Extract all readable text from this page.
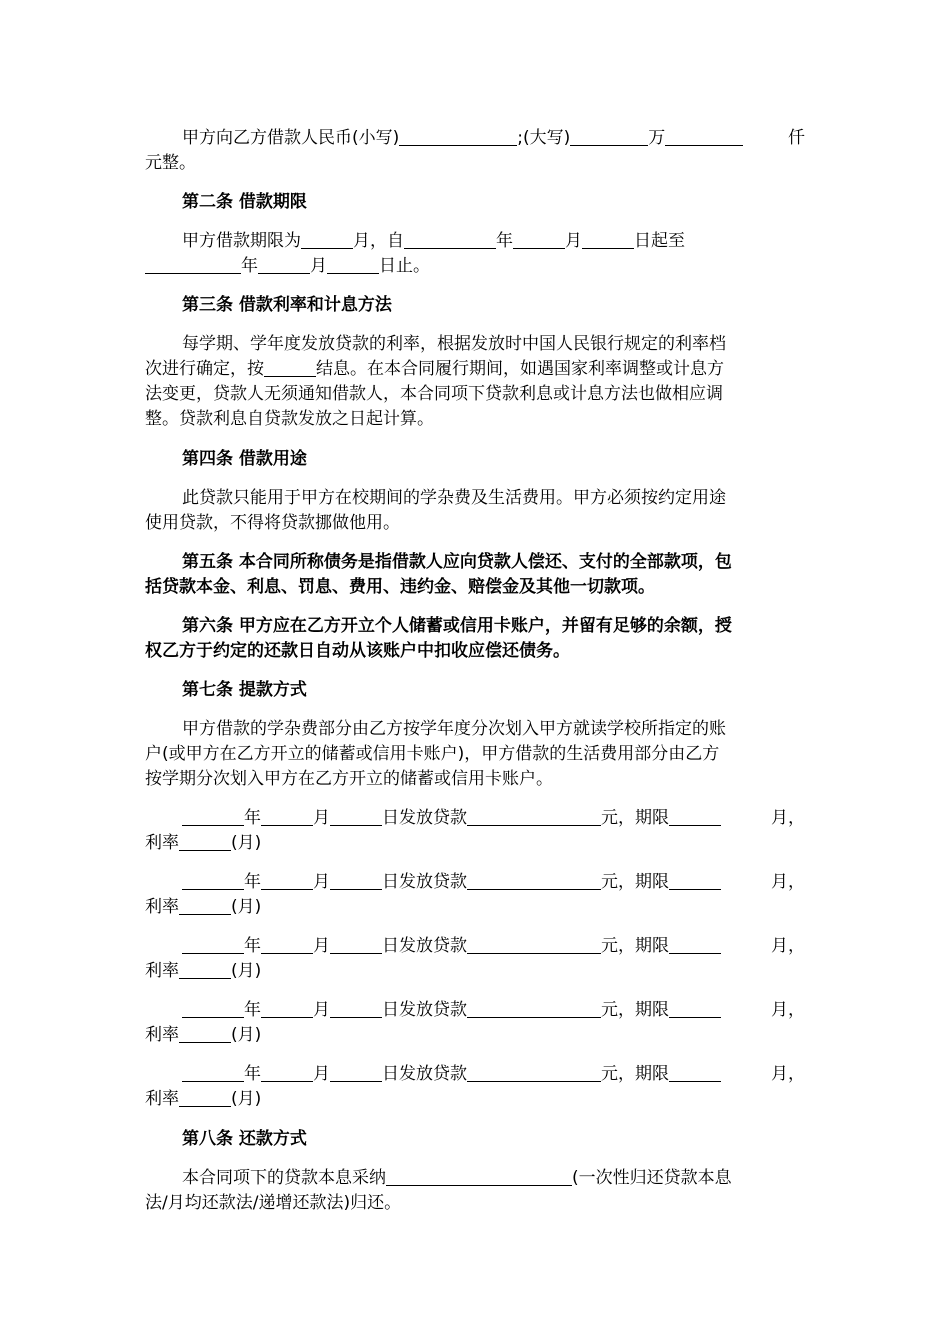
甲方向乙方借款人民币(小写)	;(大写)	万	仟
元整。
第二条 借款期限
甲方借款期限为	月，自	年	月	日起至
年	月	日止。
第三条 借款利率和计息方法
每学期、学年度发放贷款的利率，根据发放时中国人民银行规定的利率档
次进行确定，按	结息。在本合同履行期间，如遇国家利率调整或计息方
法变更，贷款人无须通知借款人，本合同项下贷款利息或计息方法也做相应调
整。贷款利息自贷款发放之日起计算。
第四条 借款用途
此贷款只能用于甲方在校期间的学杂费及生活费用。甲方必须按约定用途
使用贷款，不得将贷款挪做他用。
第五条 本合同所称债务是指借款人应向贷款人偿还、支付的全部款项，包
括贷款本金、利息、罚息、费用、违约金、赔偿金及其他一切款项。
第六条 甲方应在乙方开立个人储蓄或信用卡账户，并留有足够的余额，授
权乙方于约定的还款日自动从该账户中扣收应偿还债务。
第七条 提款方式
甲方借款的学杂费部分由乙方按学年度分次划入甲方就读学校所指定的账
户(或甲方在乙方开立的储蓄或信用卡账户)，甲方借款的生活费用部分由乙方
按学期分次划入甲方在乙方开立的储蓄或信用卡账户。
年	月	日发放贷款	元，期限	月，
利率	(月)
年	月	日发放贷款	元，期限	月，
利率	(月)
年	月	日发放贷款	元，期限	月，
利率	(月)
年	月	日发放贷款	元，期限	月，
利率	(月)
年	月	日发放贷款	元，期限	月，
利率	(月)
第八条 还款方式
本合同项下的贷款本息采纳	(一次性归还贷款本息
法/月均还款法/递增还款法)归还。
